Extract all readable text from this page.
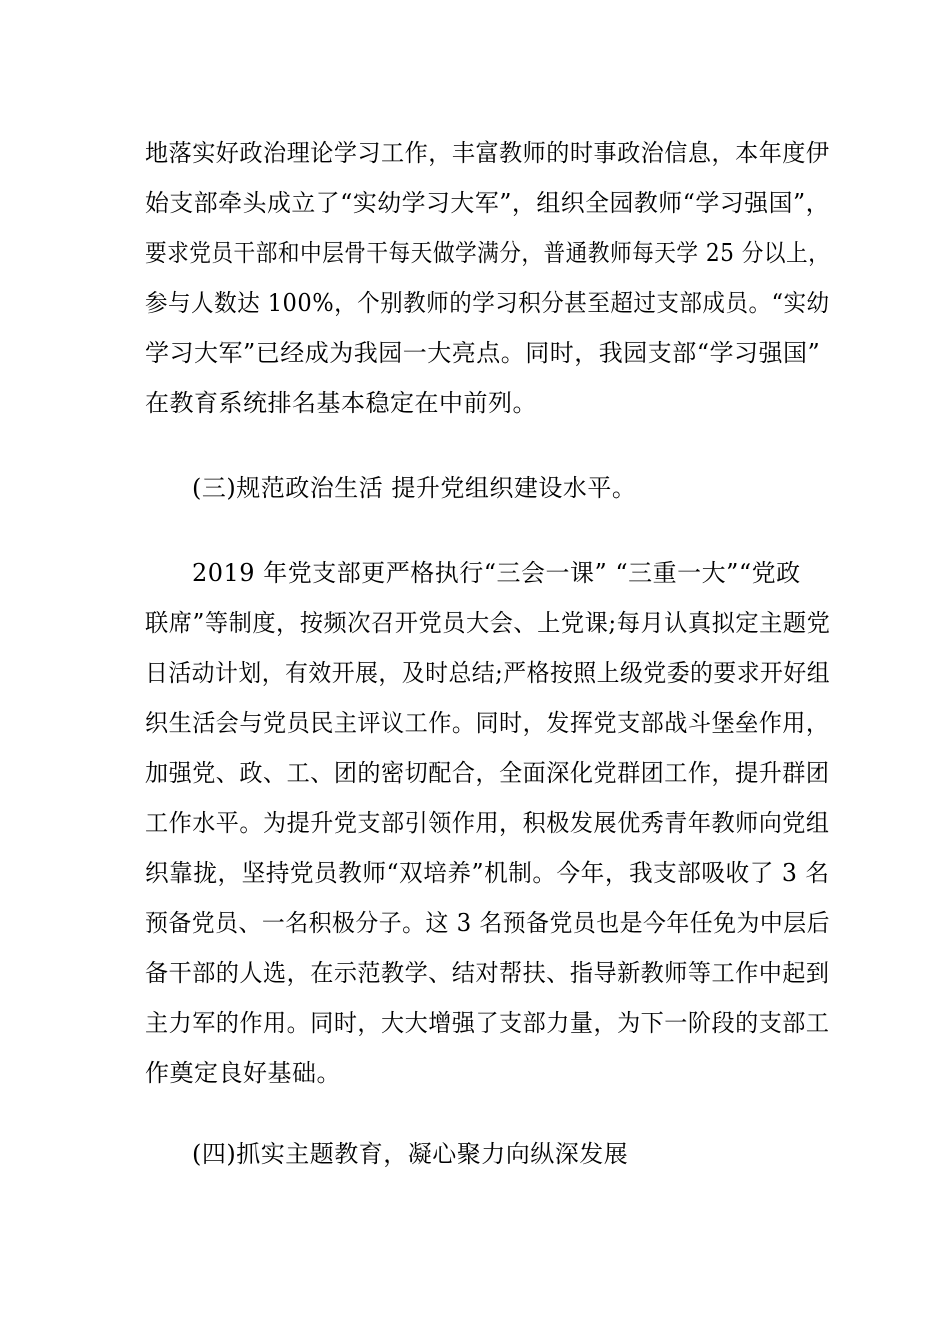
地落实好政治理论学习工作，丰富教师的时事政治信息，本年度伊
始支部牵头成立了“实幼学习大军”，组织全园教师“学习强国”，
要求党员干部和中层骨干每天做学满分，普通教师每天学 25 分以上，
参与人数达 100%，个别教师的学习积分甚至超过支部成员。“实幼
学习大军”已经成为我园一大亮点。同时，我园支部“学习强国”
在教育系统排名基本稳定在中前列。
(三)规范政治生活 提升党组织建设水平。
2019 年党支部更严格执行“三会一课” “三重一大”“党政
联席”等制度，按频次召开党员大会、上党课;每月认真拟定主题党
日活动计划，有效开展，及时总结;严格按照上级党委的要求开好组
织生活会与党员民主评议工作。同时，发挥党支部战斗堡垒作用，
加强党、政、工、团的密切配合，全面深化党群团工作，提升群团
工作水平。为提升党支部引领作用，积极发展优秀青年教师向党组
织靠拢，坚持党员教师“双培养”机制。今年，我支部吸收了 3 名
预备党员、一名积极分子。这 3 名预备党员也是今年任免为中层后
备干部的人选，在示范教学、结对帮扶、指导新教师等工作中起到
主力军的作用。同时，大大增强了支部力量，为下一阶段的支部工
作奠定良好基础。
(四)抓实主题教育，凝心聚力向纵深发展
